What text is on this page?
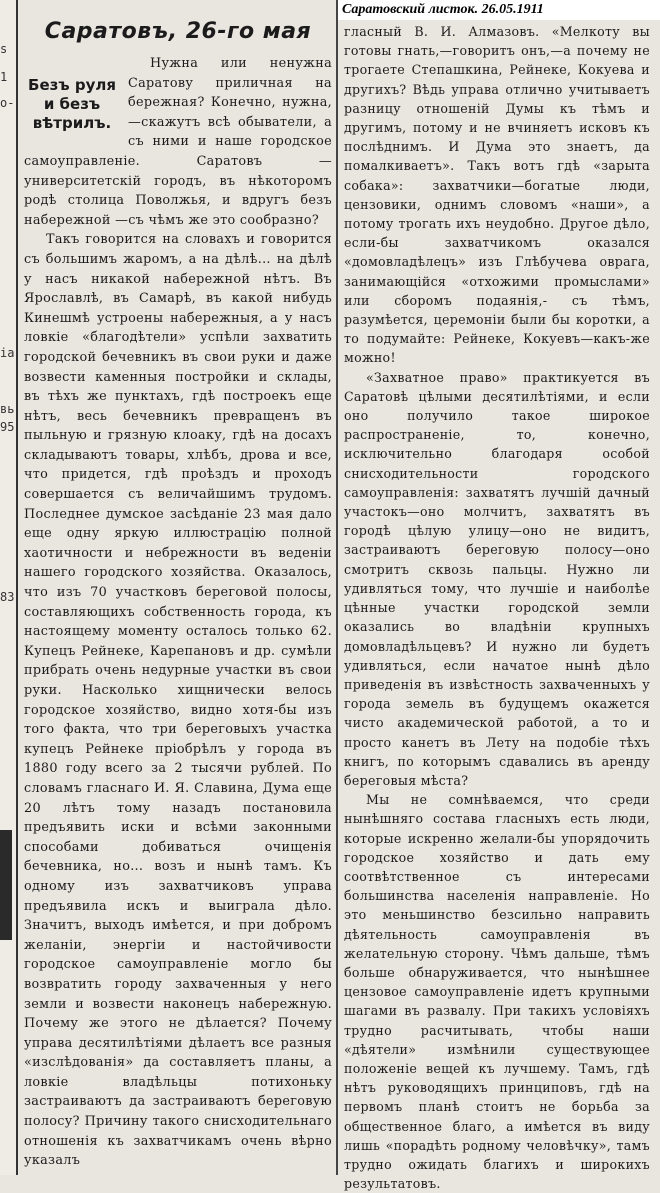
s
1
о-
ia
вь
95
83
Саратовский листок. 26.05.1911
Саратовъ, 26-го мая
Безъ руля и безъ вѣтрилъ.

Нужна или ненужна Саратову приличная на бережная? Конечно, нужна,—скажутъ всѣ обыватели, а съ ними и наше городское самоуправленіе. Саратовъ — университетскій городъ, въ нѣкоторомъ родѣ столица Поволжья, и вдругъ безъ набережной —съ чѣмъ же это сообразно?

Такъ говорится на словахъ и говорится съ большимъ жаромъ, а на дѣлѣ... на дѣлѣ у насъ никакой набережной нѣтъ. Въ Ярославлѣ, въ Самарѣ, въ какой нибудь Кинешмѣ устроены набережныя, а у насъ ловкіе «благодѣтели» успѣли захватить городской бечевникъ въ свои руки и даже возвести каменныя постройки и склады, въ тѣхъ же пунктахъ, гдѣ построекъ еще нѣтъ, весь бечевникъ превращенъ въ пыльную и грязную клоаку, гдѣ на досахъ складываютъ товары, хлѣбъ, дрова и все, что придется, гдѣ проѣздъ и проходъ совершается съ величайшимъ трудомъ. Последнее думское засѣданіе 23 мая дало еще одну яркую иллюстрацію полной хаотичности и небрежности въ веденіи нашего городского хозяйства. Оказалось, что изъ 70 участковъ береговой полосы, составляющихъ собственность города, къ настоящему моменту осталось только 62. Купецъ Рейнеке, Карепановъ и др. сумѣли прибрать очень недурные участки въ свои руки. Насколько хищнически велось городское хозяйство, видно хотя-бы изъ того факта, что три береговыхъ участка купецъ Рейнеке пріобрѣлъ у города въ 1880 году всего за 2 тысячи рублей. По словамъ гласнаго И. Я. Славина, Дума еще 20 лѣтъ тому назадъ постановила предъявить иски и всѣми законными способами добиваться очищенія бечевника, но... возъ и нынѣ тамъ. Къ одному изъ захватчиковъ управа предъявила искъ и выиграла дѣло. Значитъ, выходъ имѣется, и при добромъ желаніи, энергіи и настойчивости городское самоуправленіе могло бы возвратить городу захваченныя у него земли и возвести наконецъ набережную. Почему же этого не дѣлается? Почему управа десятилѣтіями дѣлаетъ все разныя «изслѣдованія» да составляетъ планы, а ловкіе владѣльцы потихоньку застраиваютъ да застраиваютъ береговую полосу? Причину такого снисходительнаго отношенія къ захватчикамъ очень вѣрно указалъ

гласный В. И. Алмазовъ. «Мелкоту вы готовы гнать,—говоритъ онъ,—а почему не трогаете Степашкина, Рейнеке, Кокуева и другихъ? Вѣдь управа отлично учитываетъ разницу отношеній Думы къ тѣмъ и другимъ, потому и не вчиняетъ исковъ къ послѣднимъ. И Дума это знаетъ, да помалкиваетъ». Такъ вотъ гдѣ «зарыта собака»: захватчики—богатые люди, цензовики, однимъ словомъ «наши», а потому трогать ихъ неудобно. Другое дѣло, если-бы захватчикомъ оказался «домовладѣлецъ» изъ Глѣбучева оврага, занимающійся «отхожими промыслами» или сборомъ подаянія,- съ тѣмъ, разумѣется, церемоніи были бы коротки, а то подумайте: Рейнеке, Кокуевъ—какъ-же можно!

«Захватное право» практикуется въ Саратовѣ цѣлыми десятилѣтіями, и если оно получило такое широкое распространеніе, то, конечно, исключительно благодаря особой снисходительности городского самоуправленія: захватятъ лучшій дачный участокъ—оно молчитъ, захватятъ въ городѣ цѣлую улицу—оно не видитъ, застраиваютъ береговую полосу—оно смотритъ сквозь пальцы. Нужно ли удивляться тому, что лучшіе и наиболѣе цѣнные участки городской земли оказались во владѣніи крупныхъ домовладѣльцевъ? И нужно ли будетъ удивляться, если начатое нынѣ дѣло приведенія въ извѣстность захваченныхъ у города земель въ будущемъ окажется чисто академической работой, а то и просто канетъ въ Лету на подобіе тѣхъ книгъ, по которымъ сдавались въ аренду береговыя мѣста?

Мы не сомнѣваемся, что среди нынѣшняго состава гласныхъ есть люди, которые искренно желали-бы упорядочить городское хозяйство и дать ему соотвѣтственное съ интересами большинства населенія направленіе. Но это меньшинство безсильно направить дѣятельность самоуправленія въ желательную сторону. Чѣмъ дальше, тѣмъ больше обнаруживается, что нынѣшнее цензовое самоуправленіе идетъ крупными шагами въ развалу. При такихъ условіяхъ трудно расчитывать, чтобы наши «дѣятели» измѣнили существующее положеніе вещей къ лучшему. Тамъ, гдѣ нѣтъ руководящихъ принциповъ, гдѣ на первомъ планѣ стоитъ не борьба за общественное благо, а имѣется въ виду лишь «порадѣть родному человѣчку», тамъ трудно ожидать благихъ и широкихъ результатовъ.
